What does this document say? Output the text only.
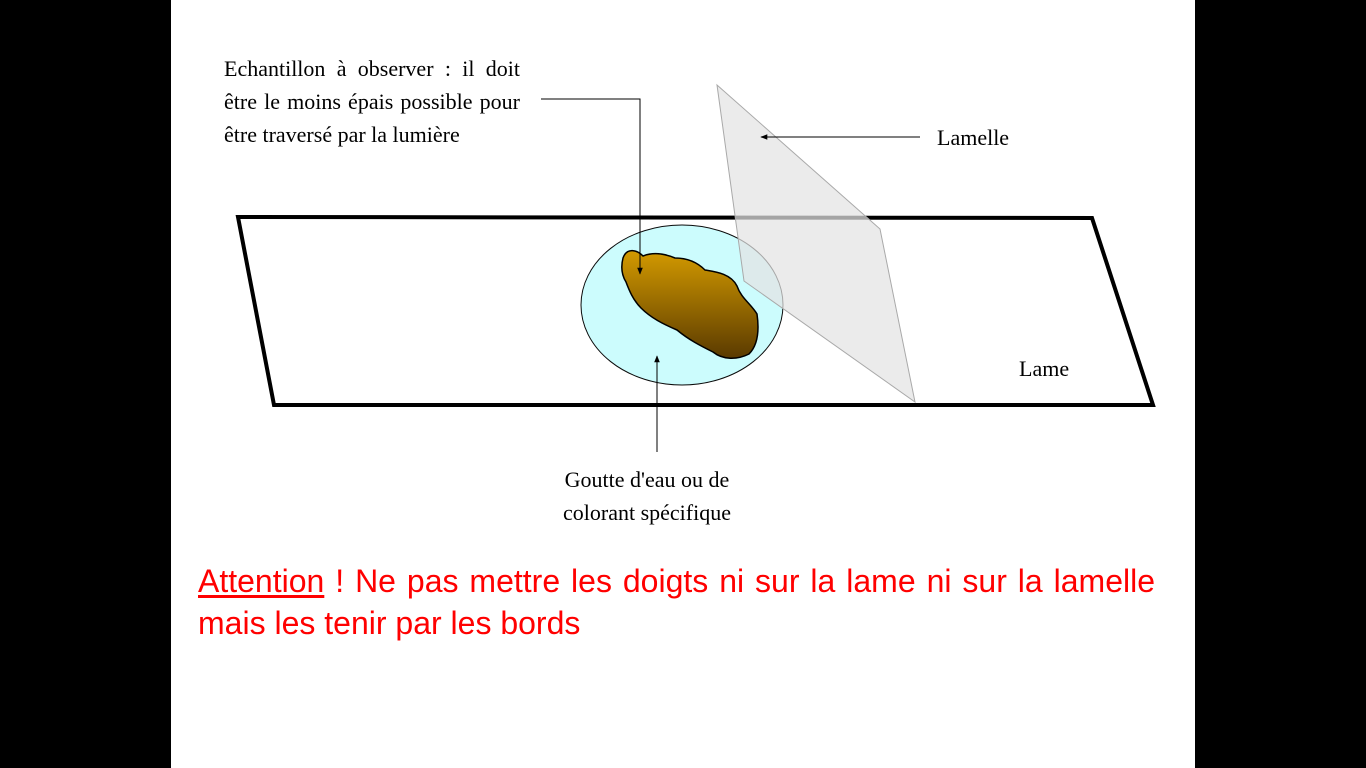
Echantillon à observer : il doit être le moins épais possible pour être traversé par la lumière	Lamelle
Lame
Goutte d'eau ou de colorant spécifique
Attention ! Ne pas mettre les doigts ni sur la lame ni sur la lamelle mais les tenir par les bords
